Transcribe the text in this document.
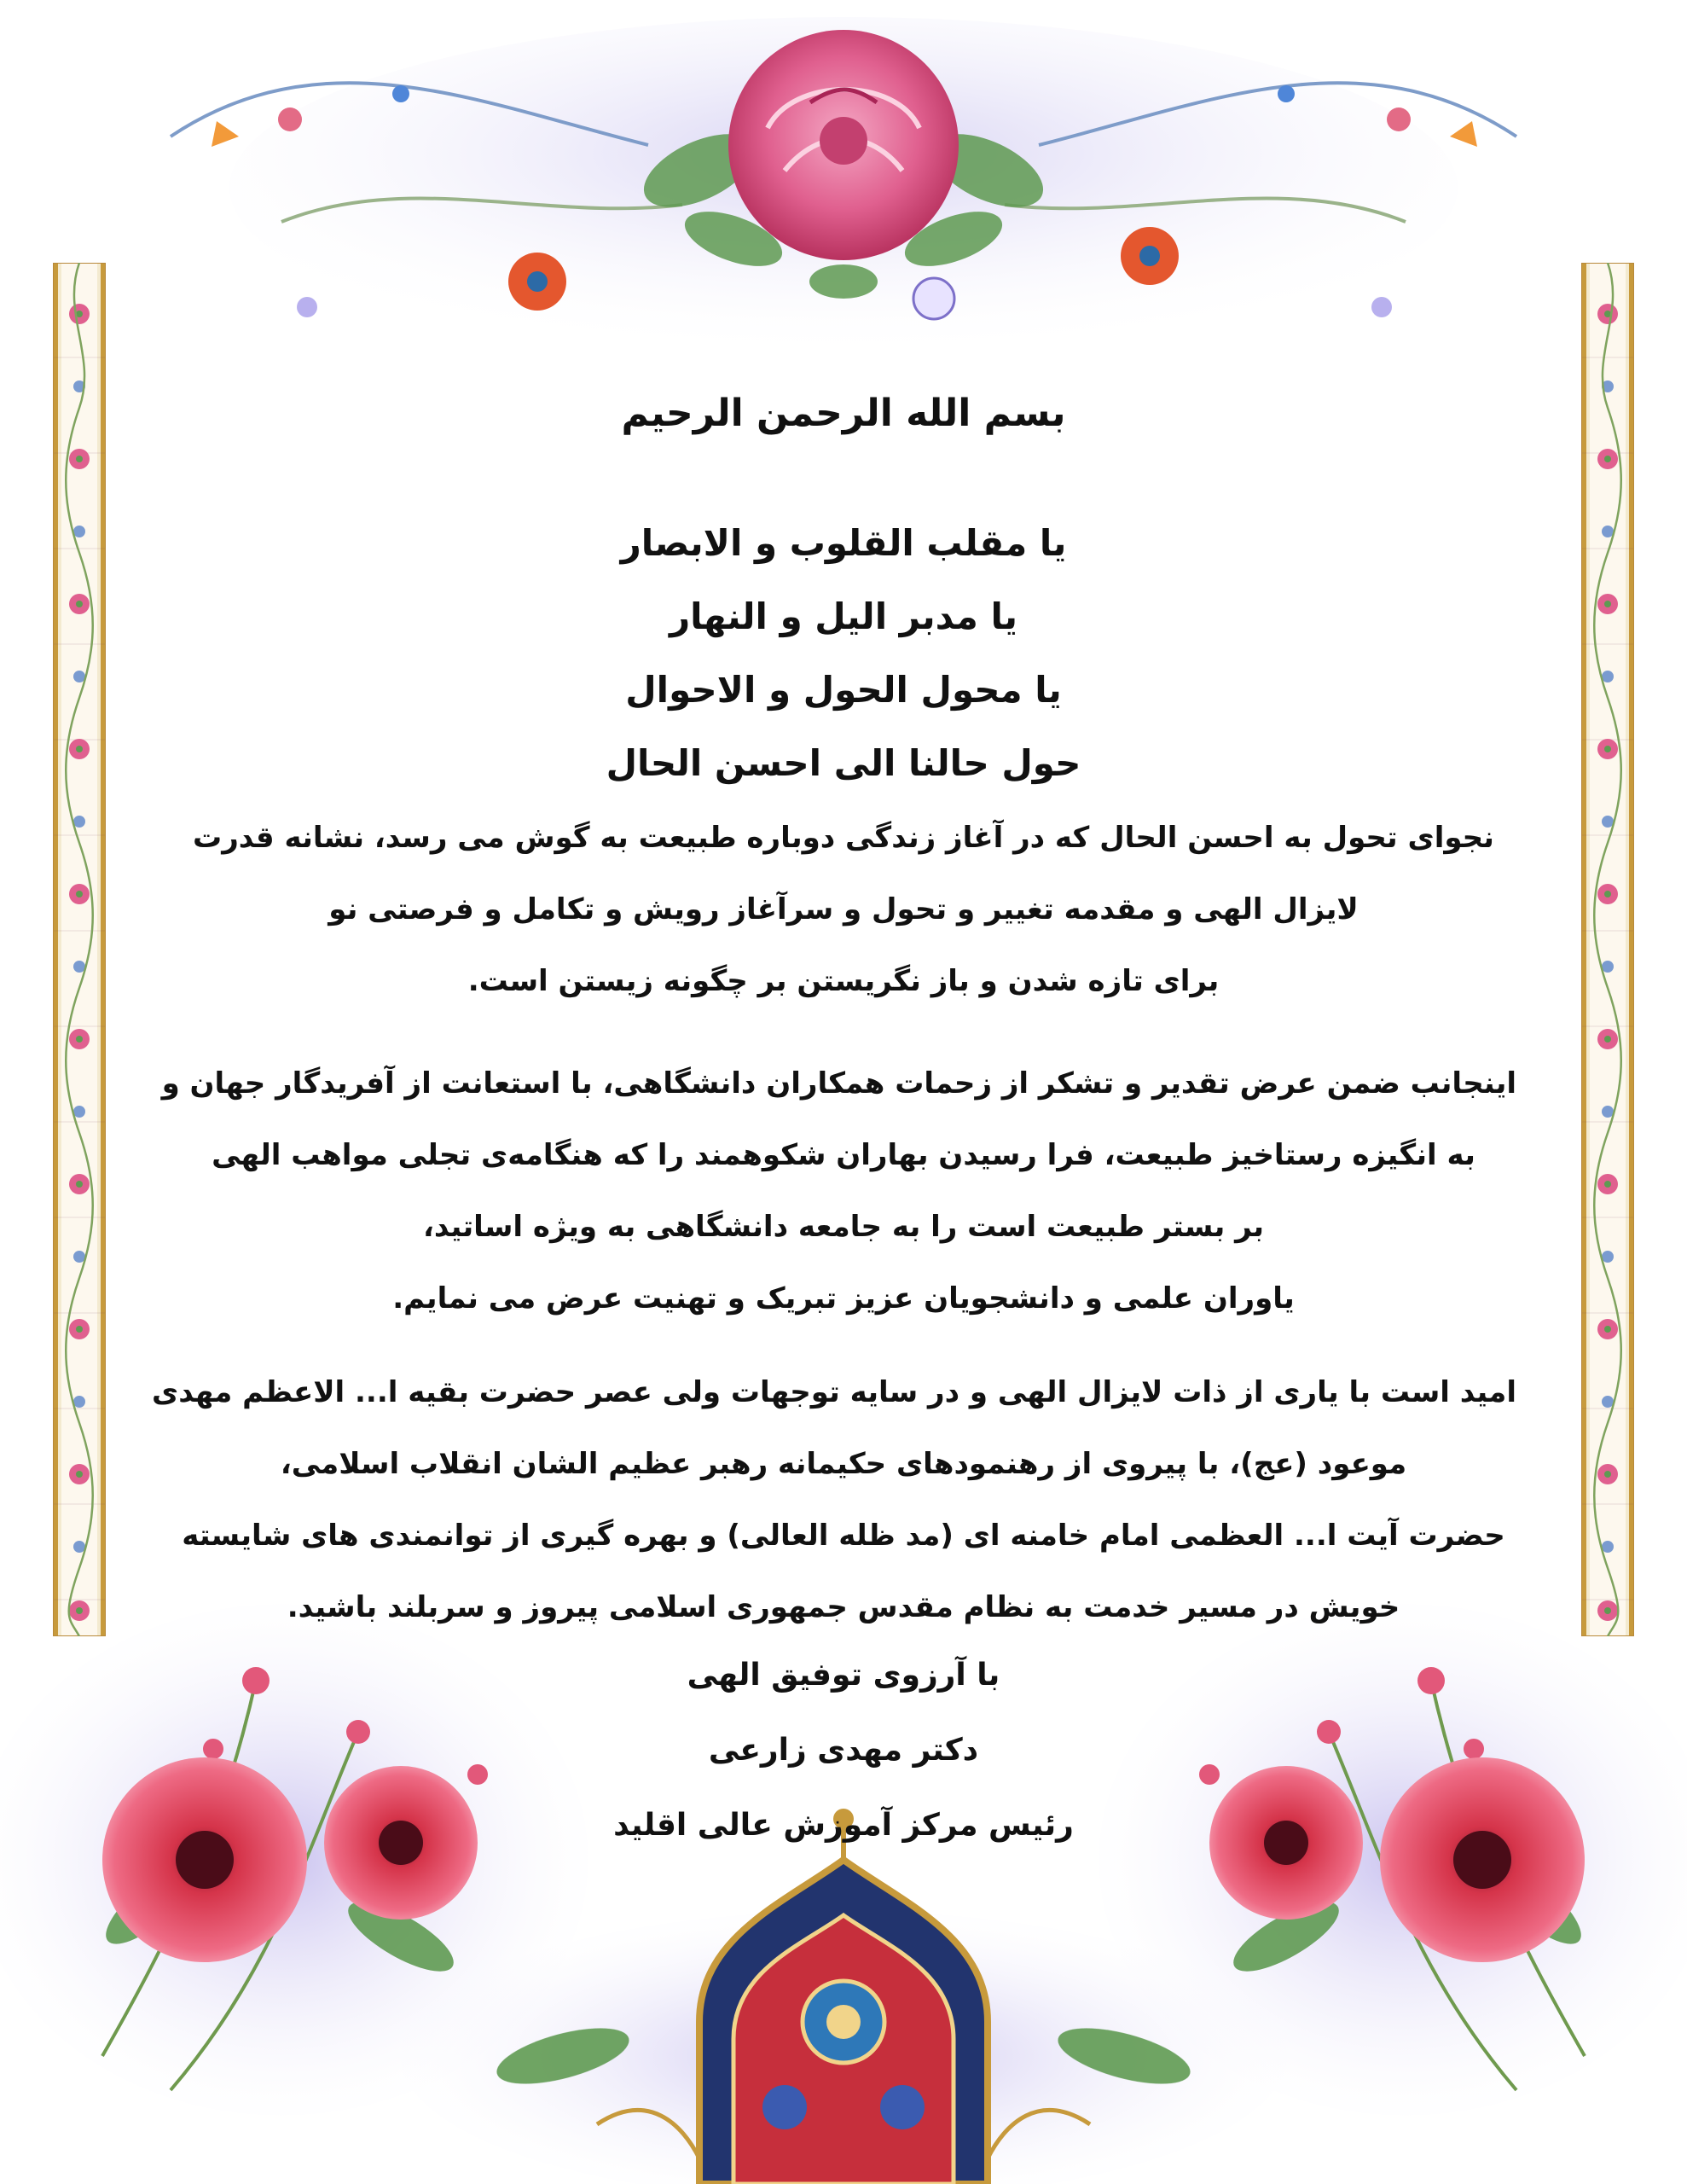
بسم الله الرحمن الرحیم
یا مقلب القلوب و الابصار
یا مدبر الیل و النهار
یا محول الحول و الاحوال
حول حالنا الی احسن الحال
نجوای تحول به احسن الحال که در آغاز زندگی دوباره طبیعت به گوش می رسد، نشانه قدرت
لایزال الهی و مقدمه تغییر و تحول و سرآغاز رویش و تکامل و فرصتی نو
برای تازه شدن و باز نگریستن بر چگونه زیستن است.
اینجانب ضمن عرض تقدیر و تشکر از زحمات همکاران دانشگاهی، با استعانت از آفریدگار جهان و
به انگیزه رستاخیز طبیعت، فرا رسیدن بهاران شکوهمند را که هنگامه‌ی تجلی مواهب الهی
بر بستر طبیعت است را به جامعه دانشگاهی به ویژه اساتید،
یاوران علمی و دانشجویان عزیز تبریک و تهنیت عرض می نمایم.
امید است با یاری از ذات لایزال الهی و در سایه توجهات ولی عصر حضرت بقیه ا... الاعظم مهدی
موعود (عج)، با پیروی از رهنمودهای حکیمانه رهبر عظیم الشان انقلاب اسلامی،
حضرت آیت ا... العظمی امام خامنه ای (مد ظله العالی) و بهره گیری از توانمندی های شایسته
خویش در مسیر خدمت به نظام مقدس جمهوری اسلامی پیروز و سربلند باشید.
با آرزوی توفیق الهی
دکتر مهدی زارعی
رئیس مرکز آموزش عالی اقلید
